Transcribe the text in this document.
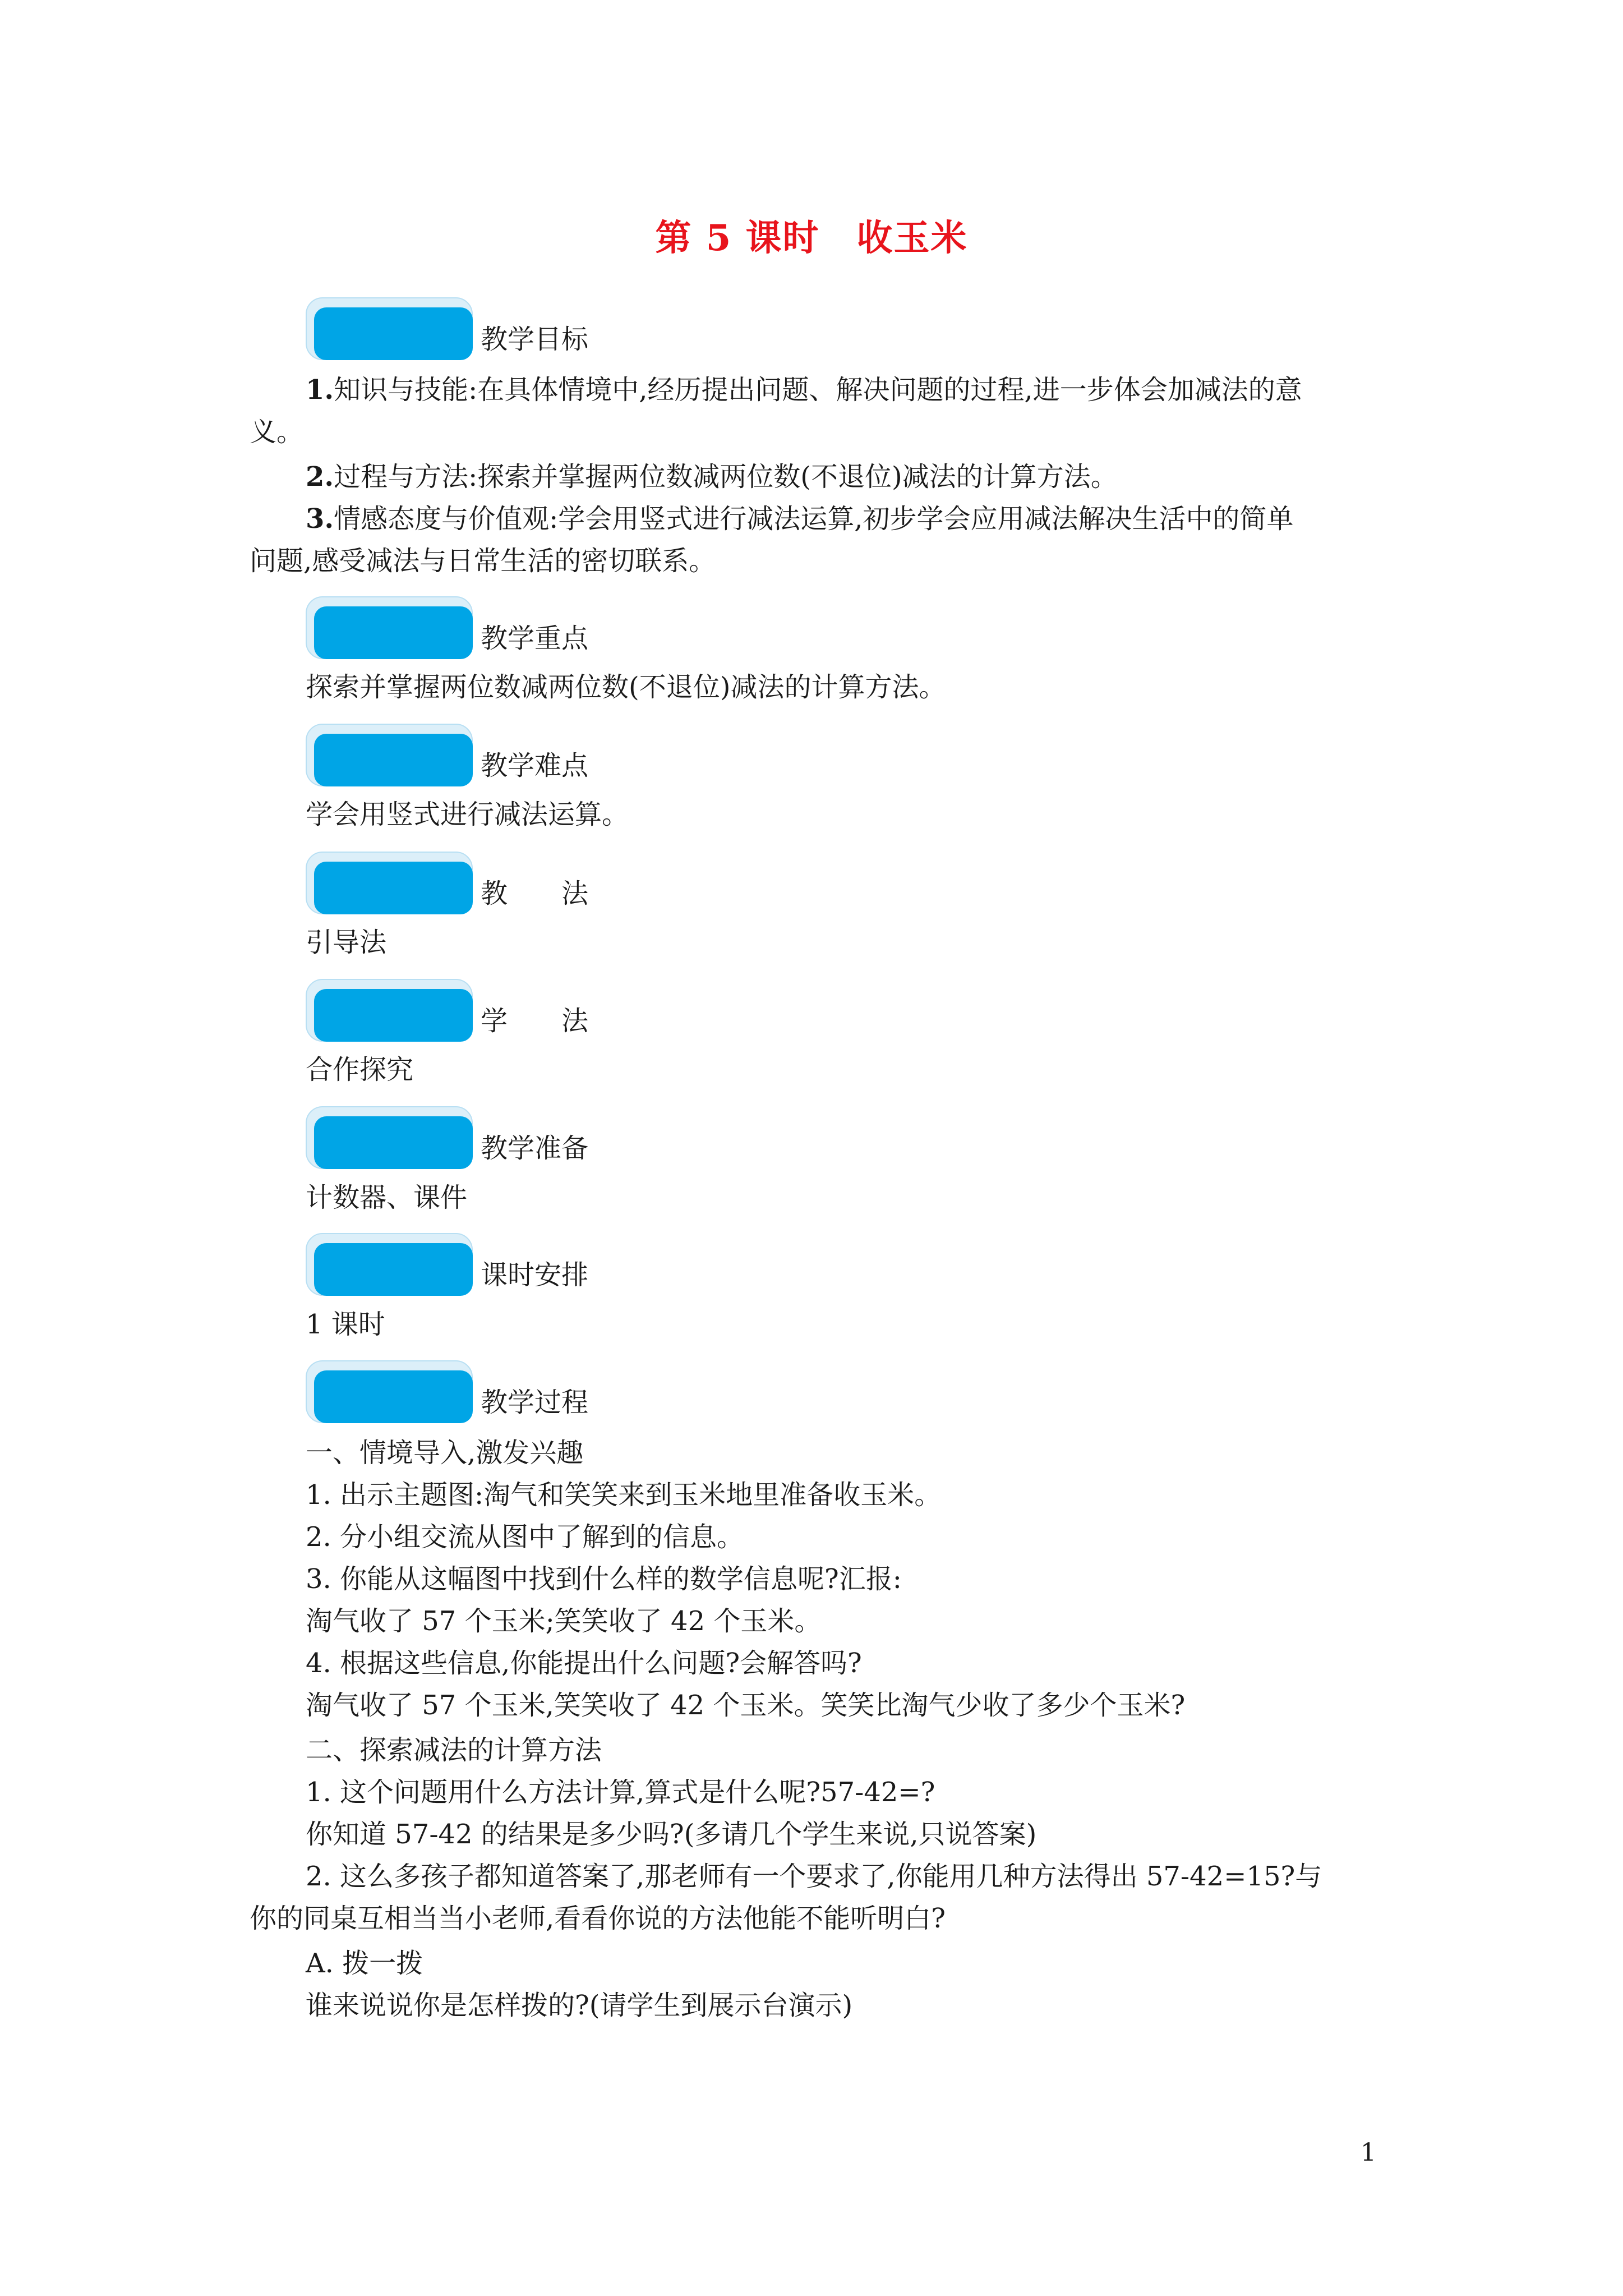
第 5 课时　收玉米
教学目标
1.知识与技能:在具体情境中,经历提出问题、解决问题的过程,进一步体会加减法的意
义。
2.过程与方法:探索并掌握两位数减两位数(不退位)减法的计算方法。
3.情感态度与价值观:学会用竖式进行减法运算,初步学会应用减法解决生活中的简单
问题,感受减法与日常生活的密切联系。
教学重点
探索并掌握两位数减两位数(不退位)减法的计算方法。
教学难点
学会用竖式进行减法运算。
教　　法
引导法
学　　法
合作探究
教学准备
计数器、课件
课时安排
1 课时
教学过程
一、情境导入,激发兴趣
1. 出示主题图:淘气和笑笑来到玉米地里准备收玉米。
2. 分小组交流从图中了解到的信息。
3. 你能从这幅图中找到什么样的数学信息呢?汇报:
淘气收了 57 个玉米;笑笑收了 42 个玉米。
4. 根据这些信息,你能提出什么问题?会解答吗?
淘气收了 57 个玉米,笑笑收了 42 个玉米。笑笑比淘气少收了多少个玉米?
二、探索减法的计算方法
1. 这个问题用什么方法计算,算式是什么呢?57-42=?
你知道 57-42 的结果是多少吗?(多请几个学生来说,只说答案)
2. 这么多孩子都知道答案了,那老师有一个要求了,你能用几种方法得出 57-42=15?与
你的同桌互相当当小老师,看看你说的方法他能不能听明白?
A. 拨一拨
谁来说说你是怎样拨的?(请学生到展示台演示)
1
